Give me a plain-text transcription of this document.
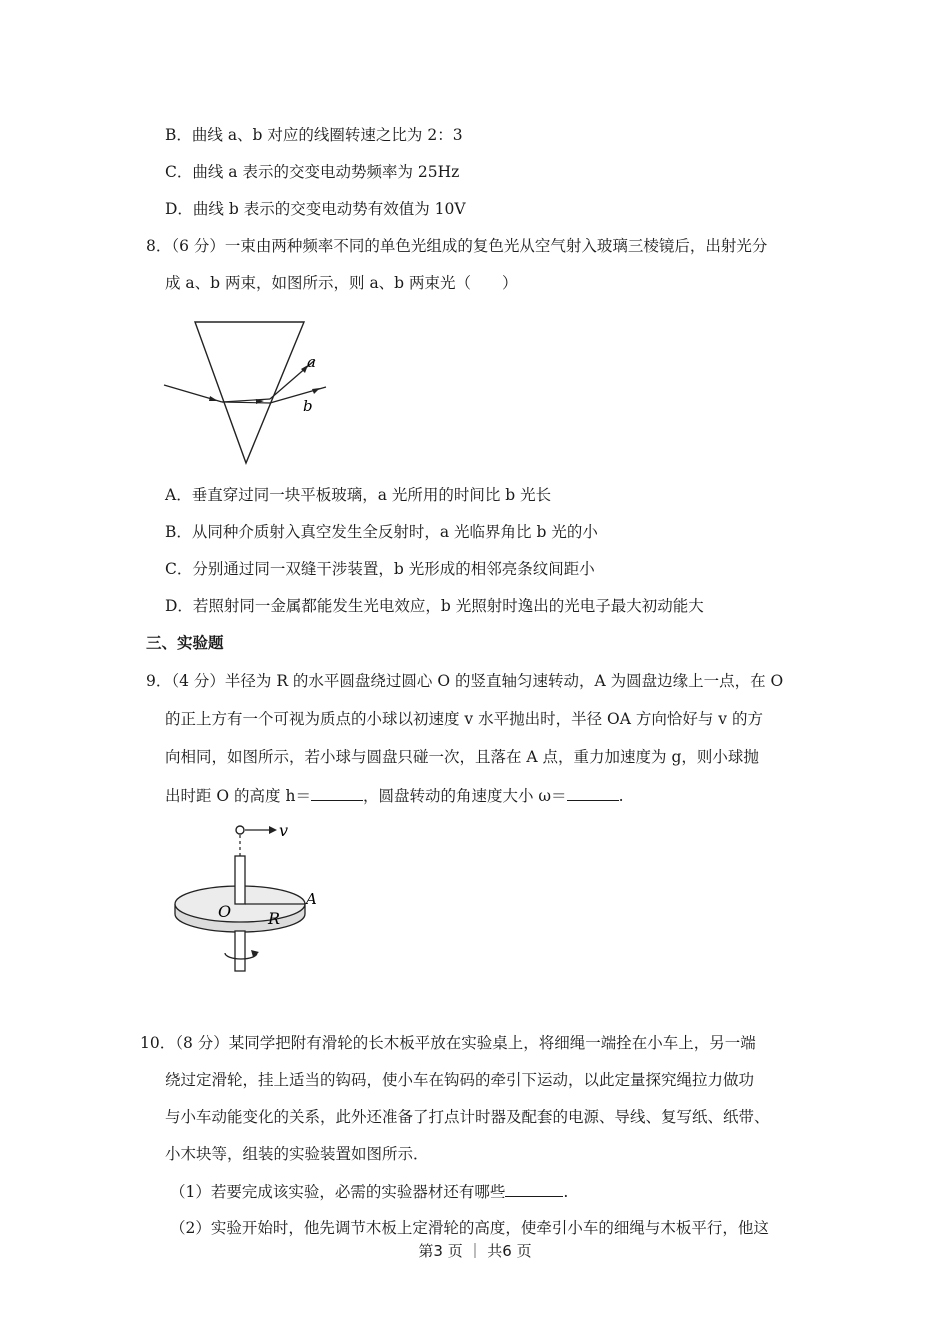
B．曲线 a、b 对应的线圈转速之比为 2：3
C．曲线 a 表示的交变电动势频率为 25Hz
D．曲线 b 表示的交变电动势有效值为 10V
8．（6 分）一束由两种频率不同的单色光组成的复色光从空气射入玻璃三棱镜后，出射光分
成 a、b 两束，如图所示，则 a、b 两束光（　　）
a
b
A．垂直穿过同一块平板玻璃，a 光所用的时间比 b 光长
B．从同种介质射入真空发生全反射时，a 光临界角比 b 光的小
C．分别通过同一双缝干涉装置，b 光形成的相邻亮条纹间距小
D．若照射同一金属都能发生光电效应，b 光照射时逸出的光电子最大初动能大
三、实验题
9．（4 分）半径为 R 的水平圆盘绕过圆心 O 的竖直轴匀速转动，A 为圆盘边缘上一点，在 O
的正上方有一个可视为质点的小球以初速度 v 水平抛出时，半径 OA 方向恰好与 v 的方
向相同，如图所示，若小球与圆盘只碰一次，且落在 A 点，重力加速度为 g，则小球抛
出时距 O 的高度 h＝	，圆盘转动的角速度大小 ω＝	.
v
O R
A
10．（8 分）某同学把附有滑轮的长木板平放在实验桌上，将细绳一端拴在小车上，另一端
绕过定滑轮，挂上适当的钩码，使小车在钩码的牵引下运动，以此定量探究绳拉力做功
与小车动能变化的关系，此外还准备了打点计时器及配套的电源、导线、复写纸、纸带、
小木块等，组装的实验装置如图所示．
（1）若要完成该实验，必需的实验器材还有哪些	.
（2）实验开始时，他先调节木板上定滑轮的高度，使牵引小车的细绳与木板平行，他这
第3 页 ｜ 共6 页
